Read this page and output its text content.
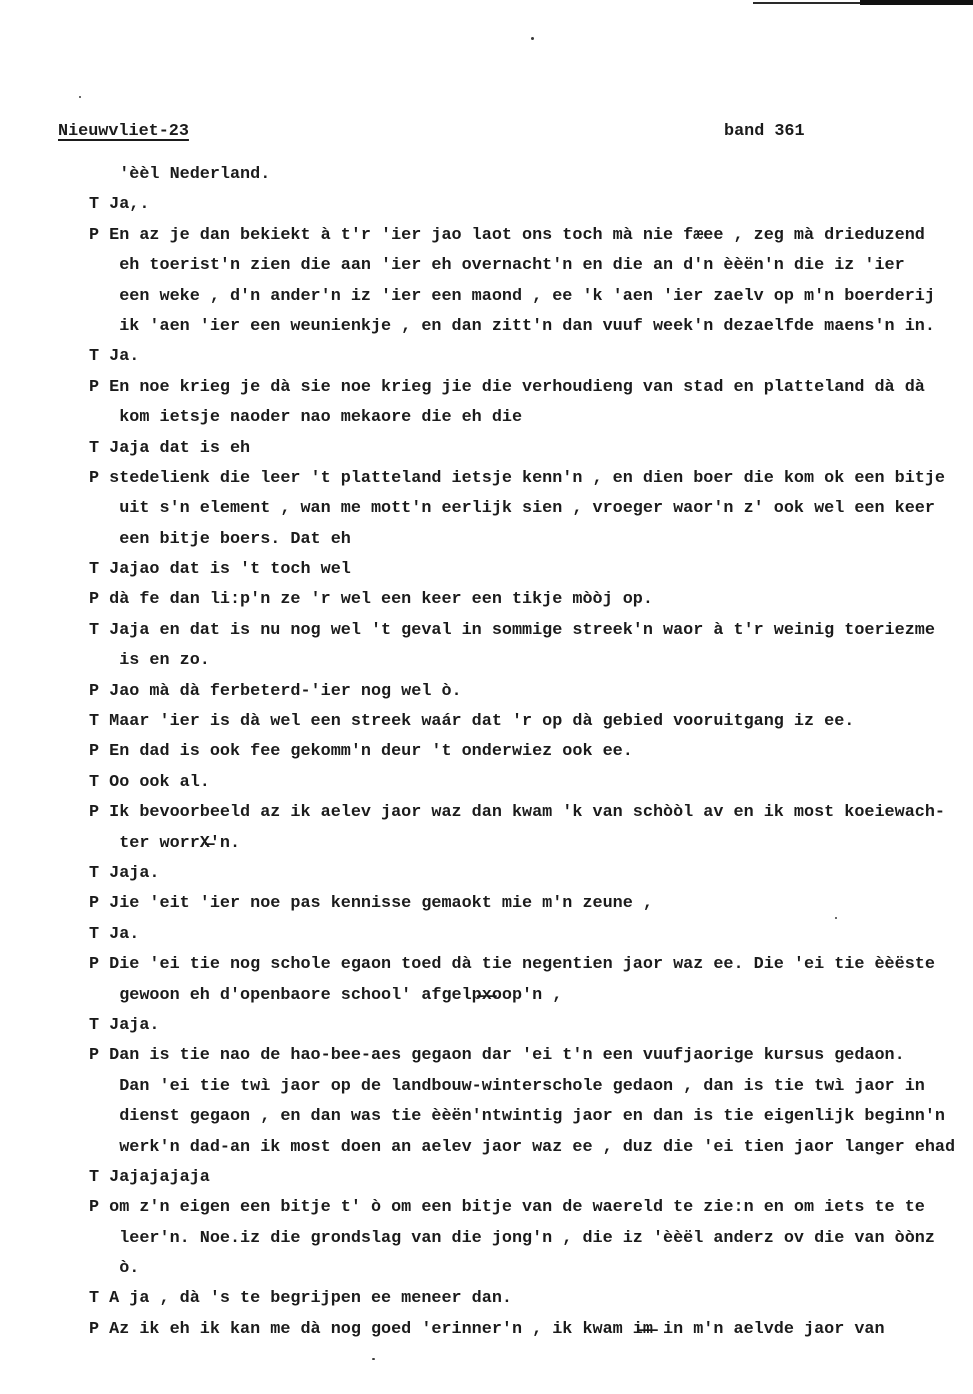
Nieuwvliet-23

	band 361

'èèl Nederland.
T Ja,.
P En az je dan bekiekt à t'r 'ier jao laot ons toch mà nie fæee , zeg mà drieduzend
eh toerist'n zien die aan 'ier eh overnacht'n en die an d'n èèën'n die iz 'ier
een weke , d'n ander'n iz 'ier een maond , ee 'k 'aen 'ier zaelv op m'n boerderij
ik 'aen 'ier een weunienkje , en dan zitt'n dan vuuf week'n dezaelfde maens'n in.
T Ja.
P En noe krieg je dà sie noe krieg jie die verhoudieng van stad en platteland dà dà
kom ietsje naoder nao mekaore die eh die
T Jaja dat is eh
P stedelienk die leer 't platteland ietsje kenn'n , en dien boer die kom ok een bitje
uit s'n element , wan me mott'n eerlijk sien , vroeger waor'n z' ook wel een keer
een bitje boers. Dat eh
T Jajao dat is 't toch wel
P dà fe dan li:p'n ze 'r wel een keer een tikje mòòj op.
T Jaja en dat is nu nog wel 't geval in sommige streek'n waor à t'r weinig toeriezme
is en zo.
P Jao mà dà ferbeterd-'ier nog wel ò.
T Maar 'ier is dà wel een streek waár dat 'r op dà gebied vooruitgang iz ee.
P En dad is ook fee gekomm'n deur 't onderwiez ook ee.
T Oo ook al.
P Ik bevoorbeeld az ik aelev jaor waz dan kwam 'k van schòòl av en ik most koeiewach-
ter worrX̶'n.
T Jaja.
P Jie 'eit 'ier noe pas kennisse gemaokt mie m'n zeune ,
T Ja.
P Die 'ei tie nog schole egaon toed dà tie negentien jaor waz ee. Die 'ei tie èèëste
gewoon eh d'openbaore school' afgelp̶x̶oop'n ,
T Jaja.
P Dan is tie nao de hao-bee-aes gegaon dar 'ei t'n een vuufjaorige kursus gedaon.
Dan 'ei tie twì jaor op de landbouw-winterschole gedaon , dan is tie twì jaor in
dienst gegaon , en dan was tie èèën'ntwintig jaor en dan is tie eigenlijk beginn'n
werk'n dad-an ik most doen an aelev jaor waz ee , duz die 'ei tien jaor langer ehad
T Jajajajaja
P om z'n eigen een bitje t' ò om een bitje van de waereld te zie:n en om iets te te
leer'n. Noe.iz die grondslag van die jong'n , die iz 'èèël anderz ov die van òònz
ò.
T A ja , dà 's te begrijpen ee meneer dan.
P Az ik eh ik kan me dà nog goed 'erinner'n , ik kwam i̶m̶ in m'n aelvde jaor van
